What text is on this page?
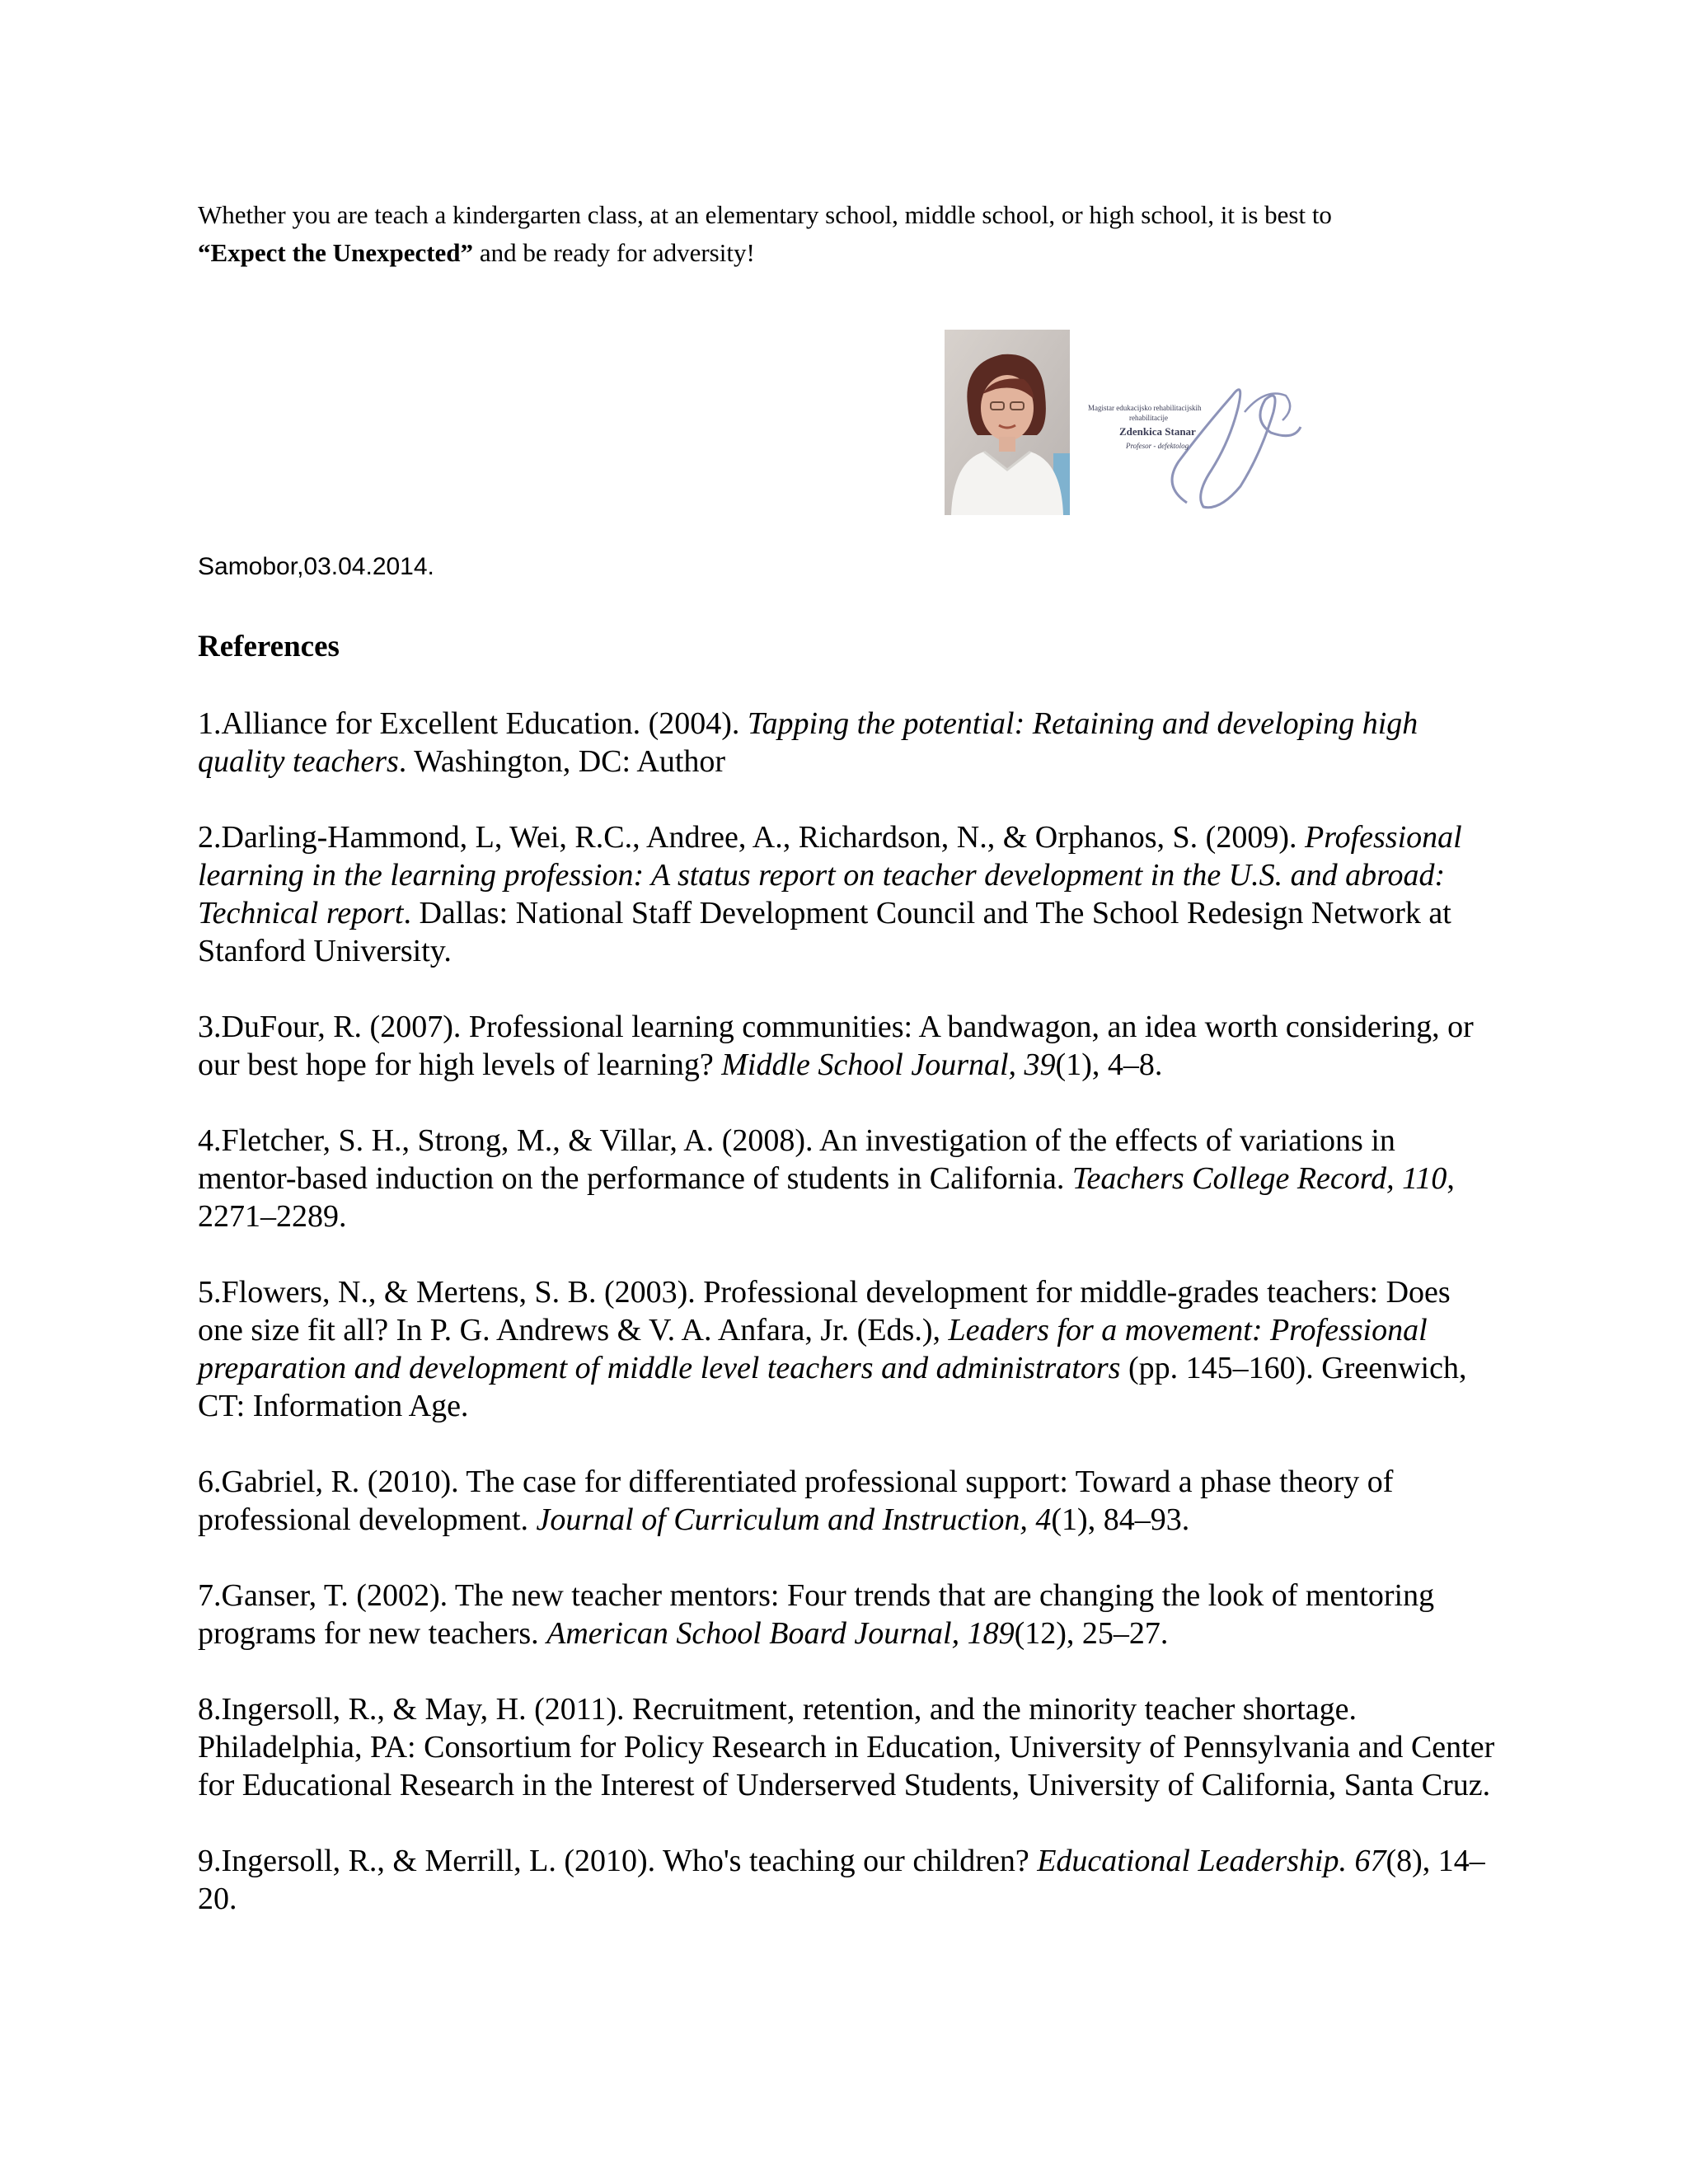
Whether you are teach a kindergarten class, at an elementary school, middle school, or high school, it is best to
“Expect the Unexpected” and be ready for adversity!

Magistar edukacijsko rehabilitacijskih
rehabilitacije
Zdenkica Stanar
Profesor - defektolog
Samobor,03.04.2014.
References
1.Alliance for Excellent Education. (2004). Tapping the potential: Retaining and developing high quality teachers. Washington, DC: Author
2.Darling-Hammond, L, Wei, R.C., Andree, A., Richardson, N., & Orphanos, S. (2009). Professional learning in the learning profession: A status report on teacher development in the U.S. and abroad: Technical report. Dallas: National Staff Development Council and The School Redesign Network at Stanford University.
3.DuFour, R. (2007). Professional learning communities: A bandwagon, an idea worth considering, or our best hope for high levels of learning? Middle School Journal, 39(1), 4–8.
4.Fletcher, S. H., Strong, M., & Villar, A. (2008). An investigation of the effects of variations in mentor-based induction on the performance of students in California. Teachers College Record, 110, 2271–2289.
5.Flowers, N., & Mertens, S. B. (2003). Professional development for middle-grades teachers: Does one size fit all? In P. G. Andrews & V. A. Anfara, Jr. (Eds.), Leaders for a movement: Professional preparation and development of middle level teachers and administrators (pp. 145–160). Greenwich, CT: Information Age.
6.Gabriel, R. (2010). The case for differentiated professional support: Toward a phase theory of professional development. Journal of Curriculum and Instruction, 4(1), 84–93.
7.Ganser, T. (2002). The new teacher mentors: Four trends that are changing the look of mentoring programs for new teachers. American School Board Journal, 189(12), 25–27.
8.Ingersoll, R., & May, H. (2011). Recruitment, retention, and the minority teacher shortage. Philadelphia, PA: Consortium for Policy Research in Education, University of Pennsylvania and Center for Educational Research in the Interest of Underserved Students, University of California, Santa Cruz.
9.Ingersoll, R., & Merrill, L. (2010). Who's teaching our children? Educational Leadership. 67(8), 14–20.
